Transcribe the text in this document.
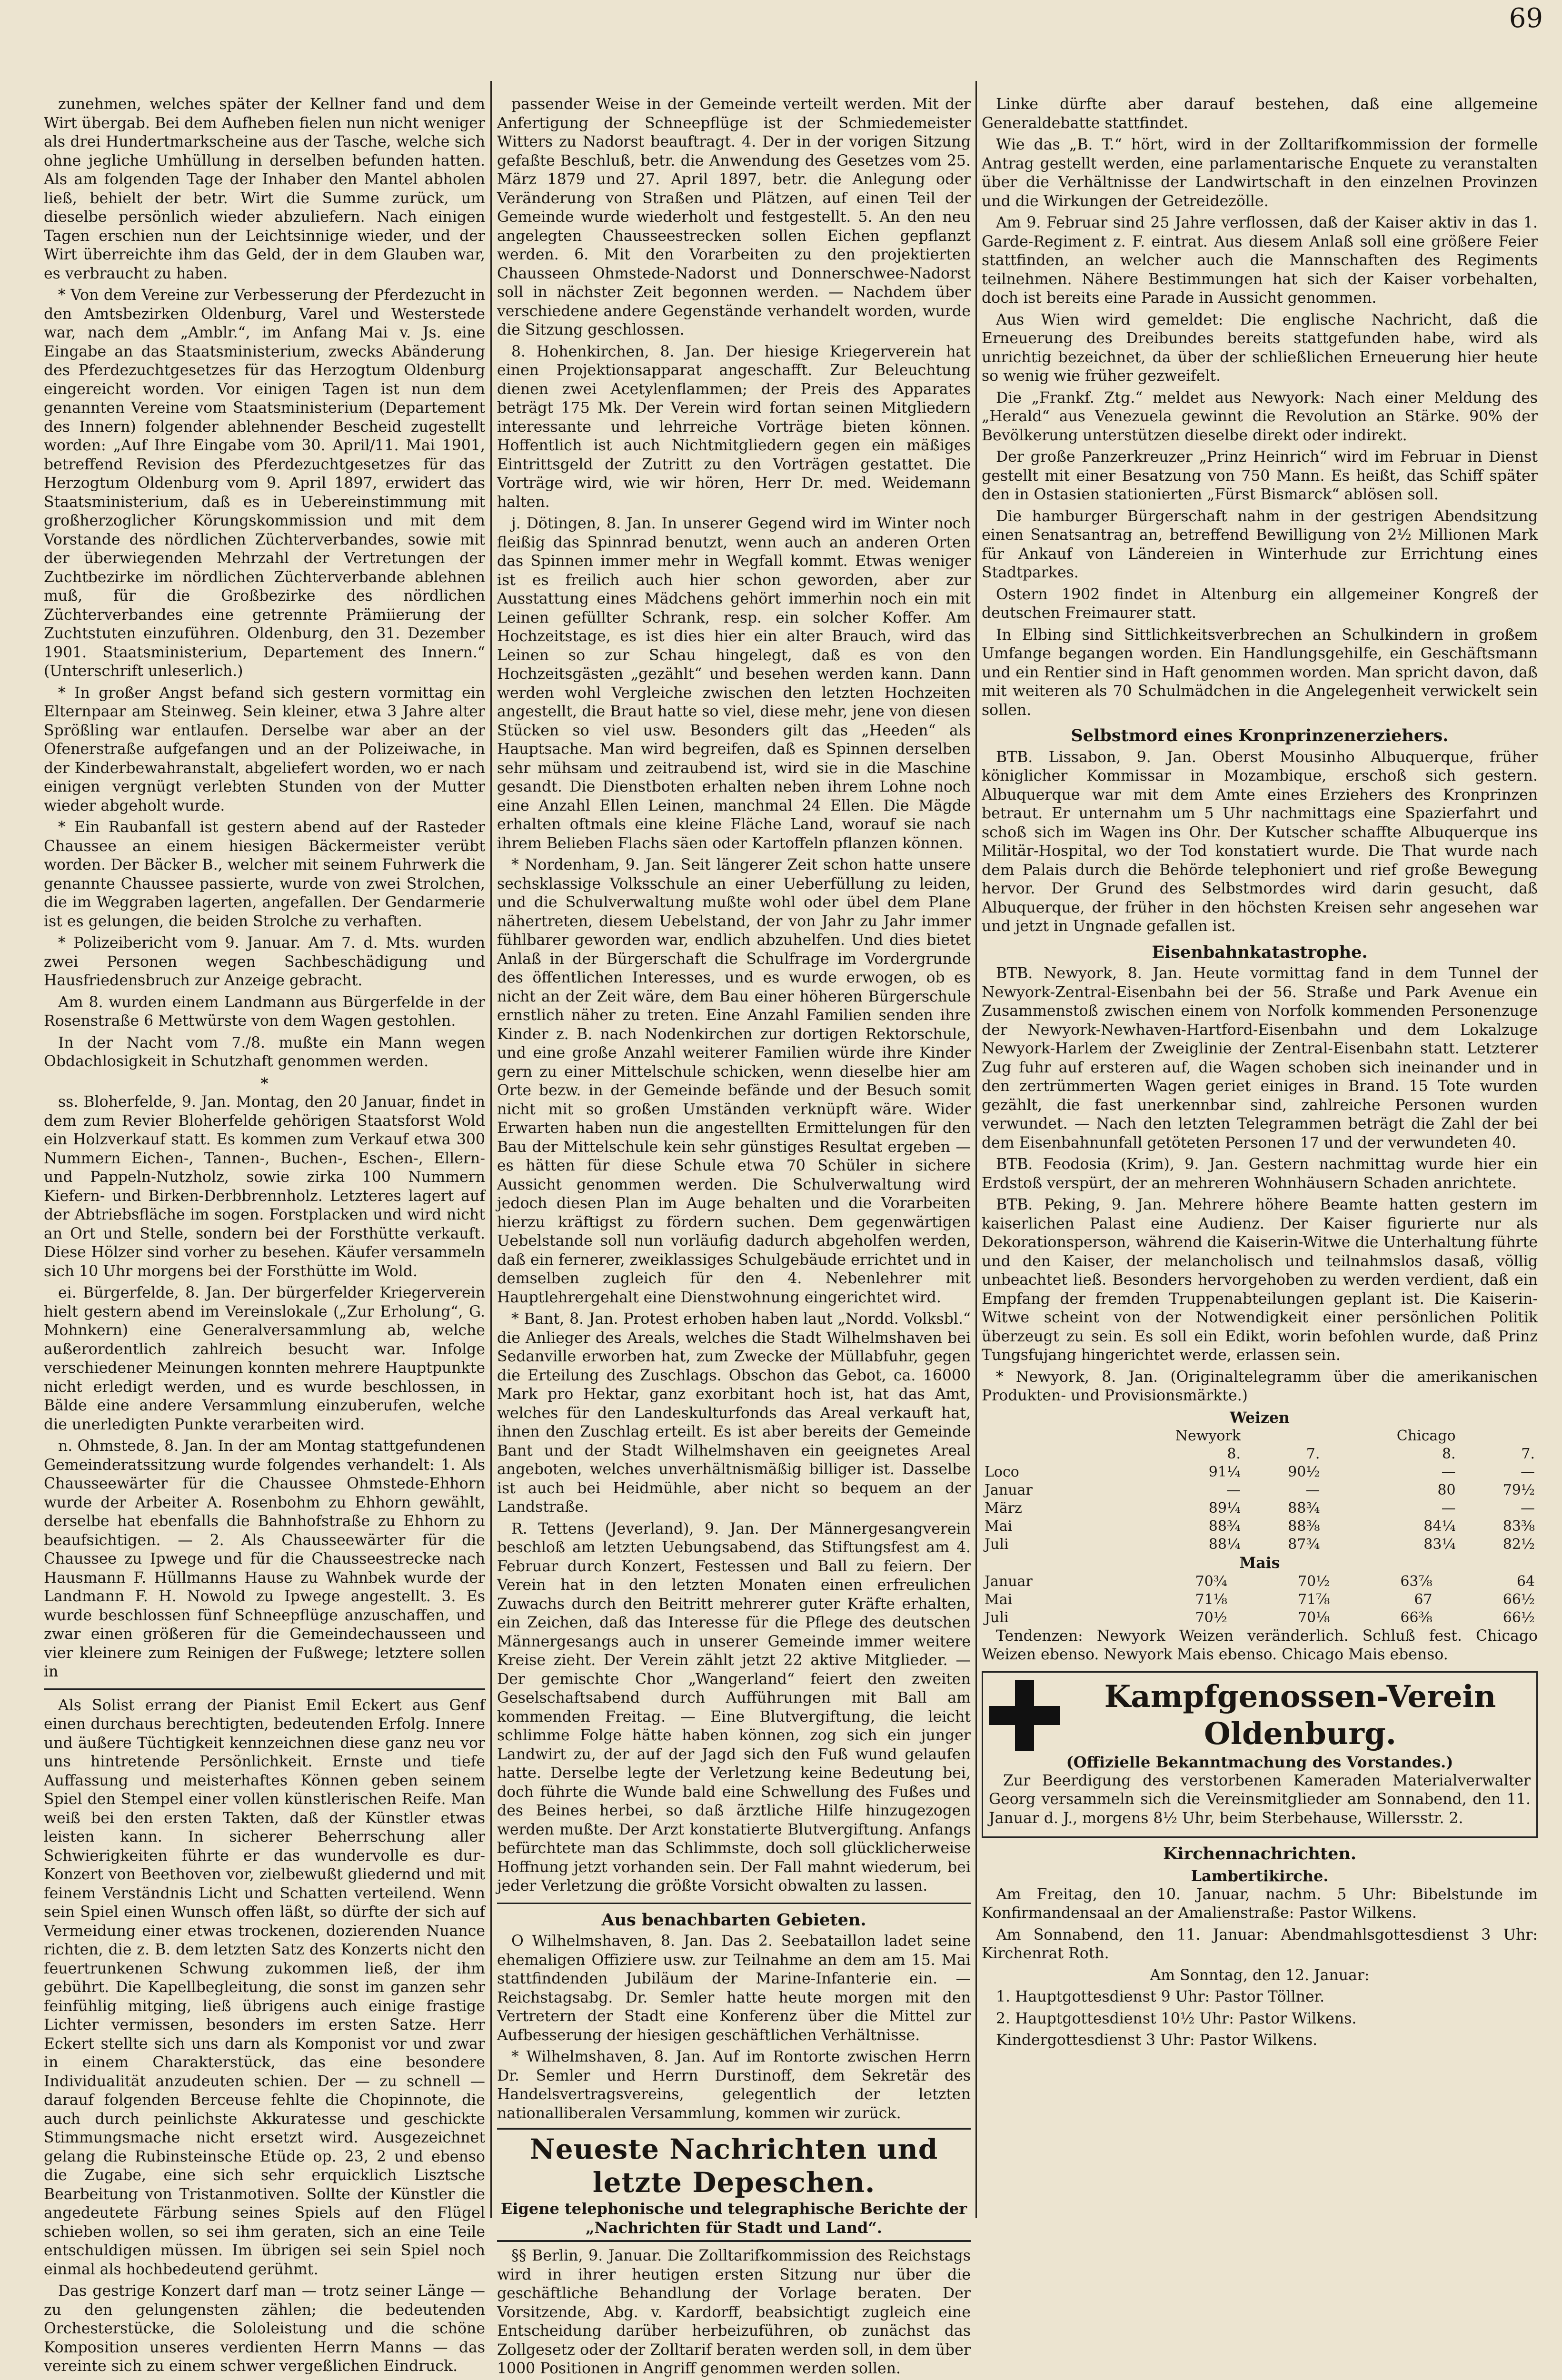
69

zunehmen, welches später der Kellner fand und dem Wirt übergab. Bei dem Aufheben fielen nun nicht weniger als drei Hundertmarkscheine aus der Tasche, welche sich ohne jegliche Umhüllung in derselben befunden hatten. Als am folgenden Tage der Inhaber den Mantel abholen ließ, behielt der betr. Wirt die Summe zurück, um dieselbe persönlich wieder abzuliefern. Nach einigen Tagen erschien nun der Leichtsinnige wieder, und der Wirt überreichte ihm das Geld, der in dem Glauben war, es verbraucht zu haben.

* Von dem Vereine zur Verbesserung der Pferdezucht in den Amtsbezirken Oldenburg, Varel und Westerstede war, nach dem „Amblr.“, im Anfang Mai v. Js. eine Eingabe an das Staatsministerium, zwecks Abänderung des Pferdezuchtgesetzes für das Herzogtum Oldenburg eingereicht worden. Vor einigen Tagen ist nun dem genannten Vereine vom Staatsministerium (Departement des Innern) folgender ablehnender Bescheid zugestellt worden: „Auf Ihre Eingabe vom 30. April/11. Mai 1901, betreffend Revision des Pferdezuchtgesetzes für das Herzogtum Oldenburg vom 9. April 1897, erwidert das Staatsministerium, daß es in Uebereinstimmung mit großherzoglicher Körungskommission und mit dem Vorstande des nördlichen Züchterverbandes, sowie mit der überwiegenden Mehrzahl der Vertretungen der Zuchtbezirke im nördlichen Züchterverbande ablehnen muß, für die Großbezirke des nördlichen Züchterverbandes eine getrennte Prämiierung der Zuchtstuten einzuführen. Oldenburg, den 31. Dezember 1901. Staatsministerium, Departement des Innern.“ (Unterschrift unleserlich.)

* In großer Angst befand sich gestern vormittag ein Elternpaar am Steinweg. Sein kleiner, etwa 3 Jahre alter Sprößling war entlaufen. Derselbe war aber an der Ofenerstraße aufgefangen und an der Polizeiwache, in der Kinderbewahranstalt, abgeliefert worden, wo er nach einigen vergnügt verlebten Stunden von der Mutter wieder abgeholt wurde.

* Ein Raubanfall ist gestern abend auf der Rasteder Chaussee an einem hiesigen Bäckermeister verübt worden. Der Bäcker B., welcher mit seinem Fuhrwerk die genannte Chaussee passierte, wurde von zwei Strolchen, die im Weggraben lagerten, angefallen. Der Gendarmerie ist es gelungen, die beiden Strolche zu verhaften.

* Polizeibericht vom 9. Januar. Am 7. d. Mts. wurden zwei Personen wegen Sachbeschädigung und Hausfriedensbruch zur Anzeige gebracht.

Am 8. wurden einem Landmann aus Bürgerfelde in der Rosenstraße 6 Mettwürste von dem Wagen gestohlen.

In der Nacht vom 7./8. mußte ein Mann wegen Obdachlosigkeit in Schutzhaft genommen werden.

*

ss. Bloherfelde, 9. Jan. Montag, den 20 Januar, findet in dem zum Revier Bloherfelde gehörigen Staatsforst Wold ein Holzverkauf statt. Es kommen zum Verkauf etwa 300 Nummern Eichen-, Tannen-, Buchen-, Eschen-, Ellern- und Pappeln-Nutzholz, sowie zirka 100 Nummern Kiefern- und Birken-Derbbrennholz. Letzteres lagert auf der Abtriebsfläche im sogen. Forstplacken und wird nicht an Ort und Stelle, sondern bei der Forsthütte verkauft. Diese Hölzer sind vorher zu besehen. Käufer versammeln sich 10 Uhr morgens bei der Forsthütte im Wold.

ei. Bürgerfelde, 8. Jan. Der bürgerfelder Kriegerverein hielt gestern abend im Vereinslokale („Zur Erholung“, G. Mohnkern) eine Generalversammlung ab, welche außerordentlich zahlreich besucht war. Infolge verschiedener Meinungen konnten mehrere Hauptpunkte nicht erledigt werden, und es wurde beschlossen, in Bälde eine andere Versammlung einzuberufen, welche die unerledigten Punkte verarbeiten wird.

n. Ohmstede, 8. Jan. In der am Montag stattgefundenen Gemeinderatssitzung wurde folgendes verhandelt: 1. Als Chausseewärter für die Chaussee Ohmstede-Ehhorn wurde der Arbeiter A. Rosenbohm zu Ehhorn gewählt, derselbe hat ebenfalls die Bahnhofstraße zu Ehhorn zu beaufsichtigen. — 2. Als Chausseewärter für die Chaussee zu Ipwege und für die Chausseestrecke nach Hausmann F. Hüllmanns Hause zu Wahnbek wurde der Landmann F. H. Nowold zu Ipwege angestellt. 3. Es wurde beschlossen fünf Schneepflüge anzuschaffen, und zwar einen größeren für die Gemeindechausseen und vier kleinere zum Reinigen der Fußwege; letztere sollen in

Als Solist errang der Pianist Emil Eckert aus Genf einen durchaus berechtigten, bedeutenden Erfolg. Innere und äußere Tüchtigkeit kennzeichnen diese ganz neu vor uns hintretende Persönlichkeit. Ernste und tiefe Auffassung und meisterhaftes Können geben seinem Spiel den Stempel einer vollen künstlerischen Reife. Man weiß bei den ersten Takten, daß der Künstler etwas leisten kann. In sicherer Beherrschung aller Schwierigkeiten führte er das wundervolle es dur-Konzert von Beethoven vor, zielbewußt gliedernd und mit feinem Verständnis Licht und Schatten verteilend. Wenn sein Spiel einen Wunsch offen läßt, so dürfte der sich auf Vermeidung einer etwas trockenen, dozierenden Nuance richten, die z. B. dem letzten Satz des Konzerts nicht den feuertrunkenen Schwung zukommen ließ, der ihm gebührt. Die Kapellbegleitung, die sonst im ganzen sehr feinfühlig mitging, ließ übrigens auch einige frastige Lichter vermissen, besonders im ersten Satze. Herr Eckert stellte sich uns darn als Komponist vor und zwar in einem Charakterstück, das eine besondere Individualität anzudeuten schien. Der — zu schnell — darauf folgenden Berceuse fehlte die Chopinnote, die auch durch peinlichste Akkuratesse und geschickte Stimmungsmache nicht ersetzt wird. Ausgezeichnet gelang die Rubinsteinsche Etüde op. 23, 2 und ebenso die Zugabe, eine sich sehr erquicklich Lisztsche Bearbeitung von Tristanmotiven. Sollte der Künstler die angedeutete Färbung seines Spiels auf den Flügel schieben wollen, so sei ihm geraten, sich an eine Teile entschuldigen müssen. Im übrigen sei sein Spiel noch einmal als hochbedeutend gerühmt.

Das gestrige Konzert darf man — trotz seiner Länge — zu den gelungensten zählen; die bedeutenden Orchesterstücke, die Sololeistung und die schöne Komposition unseres verdienten Herrn Manns — das vereinte sich zu einem schwer vergeßlichen Eindruck.

passender Weise in der Gemeinde verteilt werden. Mit der Anfertigung der Schneepflüge ist der Schmiedemeister Witters zu Nadorst beauftragt. 4. Der in der vorigen Sitzung gefaßte Beschluß, betr. die Anwendung des Gesetzes vom 25. März 1879 und 27. April 1897, betr. die Anlegung oder Veränderung von Straßen und Plätzen, auf einen Teil der Gemeinde wurde wiederholt und festgestellt. 5. An den neu angelegten Chausseestrecken sollen Eichen gepflanzt werden. 6. Mit den Vorarbeiten zu den projektierten Chausseen Ohmstede-Nadorst und Donnerschwee-Nadorst soll in nächster Zeit begonnen werden. — Nachdem über verschiedene andere Gegenstände verhandelt worden, wurde die Sitzung geschlossen.

8. Hohenkirchen, 8. Jan. Der hiesige Kriegerverein hat einen Projektionsapparat angeschafft. Zur Beleuchtung dienen zwei Acetylenflammen; der Preis des Apparates beträgt 175 Mk. Der Verein wird fortan seinen Mitgliedern interessante und lehrreiche Vorträge bieten können. Hoffentlich ist auch Nichtmitgliedern gegen ein mäßiges Eintrittsgeld der Zutritt zu den Vorträgen gestattet. Die Vorträge wird, wie wir hören, Herr Dr. med. Weidemann halten.

j. Dötingen, 8. Jan. In unserer Gegend wird im Winter noch fleißig das Spinnrad benutzt, wenn auch an anderen Orten das Spinnen immer mehr in Wegfall kommt. Etwas weniger ist es freilich auch hier schon geworden, aber zur Ausstattung eines Mädchens gehört immerhin noch ein mit Leinen gefüllter Schrank, resp. ein solcher Koffer. Am Hochzeitstage, es ist dies hier ein alter Brauch, wird das Leinen so zur Schau hingelegt, daß es von den Hochzeitsgästen „gezählt“ und besehen werden kann. Dann werden wohl Vergleiche zwischen den letzten Hochzeiten angestellt, die Braut hatte so viel, diese mehr, jene von diesen Stücken so viel usw. Besonders gilt das „Heeden“ als Hauptsache. Man wird begreifen, daß es Spinnen derselben sehr mühsam und zeitraubend ist, wird sie in die Maschine gesandt. Die Dienstboten erhalten neben ihrem Lohne noch eine Anzahl Ellen Leinen, manchmal 24 Ellen. Die Mägde erhalten oftmals eine kleine Fläche Land, worauf sie nach ihrem Belieben Flachs säen oder Kartoffeln pflanzen können.

* Nordenham, 9. Jan. Seit längerer Zeit schon hatte unsere sechsklassige Volksschule an einer Ueberfüllung zu leiden, und die Schulverwaltung mußte wohl oder übel dem Plane nähertreten, diesem Uebelstand, der von Jahr zu Jahr immer fühlbarer geworden war, endlich abzuhelfen. Und dies bietet Anlaß in der Bürgerschaft die Schulfrage im Vordergrunde des öffentlichen Interesses, und es wurde erwogen, ob es nicht an der Zeit wäre, dem Bau einer höheren Bürgerschule ernstlich näher zu treten. Eine Anzahl Familien senden ihre Kinder z. B. nach Nodenkirchen zur dortigen Rektorschule, und eine große Anzahl weiterer Familien würde ihre Kinder gern zu einer Mittelschule schicken, wenn dieselbe hier am Orte bezw. in der Gemeinde befände und der Besuch somit nicht mit so großen Umständen verknüpft wäre. Wider Erwarten haben nun die angestellten Ermittelungen für den Bau der Mittelschule kein sehr günstiges Resultat ergeben — es hätten für diese Schule etwa 70 Schüler in sichere Aussicht genommen werden. Die Schulverwaltung wird jedoch diesen Plan im Auge behalten und die Vorarbeiten hierzu kräftigst zu fördern suchen. Dem gegenwärtigen Uebelstande soll nun vorläufig dadurch abgeholfen werden, daß ein fernerer, zweiklassiges Schulgebäude errichtet und in demselben zugleich für den 4. Nebenlehrer mit Hauptlehrergehalt eine Dienstwohnung eingerichtet wird.

* Bant, 8. Jan. Protest erhoben haben laut „Nordd. Volksbl.“ die Anlieger des Areals, welches die Stadt Wilhelmshaven bei Sedanville erworben hat, zum Zwecke der Müllabfuhr, gegen die Erteilung des Zuschlags. Obschon das Gebot, ca. 16000 Mark pro Hektar, ganz exorbitant hoch ist, hat das Amt, welches für den Landeskulturfonds das Areal verkauft hat, ihnen den Zuschlag erteilt. Es ist aber bereits der Gemeinde Bant und der Stadt Wilhelmshaven ein geeignetes Areal angeboten, welches unverhältnismäßig billiger ist. Dasselbe ist auch bei Heidmühle, aber nicht so bequem an der Landstraße.

R. Tettens (Jeverland), 9. Jan. Der Männergesangverein beschloß am letzten Uebungsabend, das Stiftungsfest am 4. Februar durch Konzert, Festessen und Ball zu feiern. Der Verein hat in den letzten Monaten einen erfreulichen Zuwachs durch den Beitritt mehrerer guter Kräfte erhalten, ein Zeichen, daß das Interesse für die Pflege des deutschen Männergesangs auch in unserer Gemeinde immer weitere Kreise zieht. Der Verein zählt jetzt 22 aktive Mitglieder. — Der gemischte Chor „Wangerland“ feiert den zweiten Geselschaftsabend durch Aufführungen mit Ball am kommenden Freitag. — Eine Blutvergiftung, die leicht schlimme Folge hätte haben können, zog sich ein junger Landwirt zu, der auf der Jagd sich den Fuß wund gelaufen hatte. Derselbe legte der Verletzung keine Bedeutung bei, doch führte die Wunde bald eine Schwellung des Fußes und des Beines herbei, so daß ärztliche Hilfe hinzugezogen werden mußte. Der Arzt konstatierte Blutvergiftung. Anfangs befürchtete man das Schlimmste, doch soll glücklicherweise Hoffnung jetzt vorhanden sein. Der Fall mahnt wiederum, bei jeder Verletzung die größte Vorsicht obwalten zu lassen.

Aus benachbarten Gebieten.

O Wilhelmshaven, 8. Jan. Das 2. Seebataillon ladet seine ehemaligen Offiziere usw. zur Teilnahme an dem am 15. Mai stattfindenden Jubiläum der Marine-Infanterie ein. — Reichstagsabg. Dr. Semler hatte heute morgen mit den Vertretern der Stadt eine Konferenz über die Mittel zur Aufbesserung der hiesigen geschäftlichen Verhältnisse.

* Wilhelmshaven, 8. Jan. Auf im Rontorte zwischen Herrn Dr. Semler und Herrn Durstinoff, dem Sekretär des Handelsvertragsvereins, gelegentlich der letzten nationalliberalen Versammlung, kommen wir zurück.

Neueste Nachrichten und letzte Depeschen.
Eigene telephonische und telegraphische Berichte der „Nachrichten für Stadt und Land“.

§§ Berlin, 9. Januar. Die Zolltarifkommission des Reichstags wird in ihrer heutigen ersten Sitzung nur über die geschäftliche Behandlung der Vorlage beraten. Der Vorsitzende, Abg. v. Kardorff, beabsichtigt zugleich eine Entscheidung darüber herbeizuführen, ob zunächst das Zollgesetz oder der Zolltarif beraten werden soll, in dem über 1000 Positionen in Angriff genommen werden sollen.

Linke dürfte aber darauf bestehen, daß eine allgemeine Generaldebatte stattfindet.

Wie das „B. T.“ hört, wird in der Zolltarifkommission der formelle Antrag gestellt werden, eine parlamentarische Enquete zu veranstalten über die Verhältnisse der Landwirtschaft in den einzelnen Provinzen und die Wirkungen der Getreidezölle.

Am 9. Februar sind 25 Jahre verflossen, daß der Kaiser aktiv in das 1. Garde-Regiment z. F. eintrat. Aus diesem Anlaß soll eine größere Feier stattfinden, an welcher auch die Mannschaften des Regiments teilnehmen. Nähere Bestimmungen hat sich der Kaiser vorbehalten, doch ist bereits eine Parade in Aussicht genommen.

Aus Wien wird gemeldet: Die englische Nachricht, daß die Erneuerung des Dreibundes bereits stattgefunden habe, wird als unrichtig bezeichnet, da über der schließlichen Erneuerung hier heute so wenig wie früher gezweifelt.

Die „Frankf. Ztg.“ meldet aus Newyork: Nach einer Meldung des „Herald“ aus Venezuela gewinnt die Revolution an Stärke. 90% der Bevölkerung unterstützen dieselbe direkt oder indirekt.

Der große Panzerkreuzer „Prinz Heinrich“ wird im Februar in Dienst gestellt mit einer Besatzung von 750 Mann. Es heißt, das Schiff später den in Ostasien stationierten „Fürst Bismarck“ ablösen soll.

Die hamburger Bürgerschaft nahm in der gestrigen Abendsitzung einen Senatsantrag an, betreffend Bewilligung von 2½ Millionen Mark für Ankauf von Ländereien in Winterhude zur Errichtung eines Stadtparkes.

Ostern 1902 findet in Altenburg ein allgemeiner Kongreß der deutschen Freimaurer statt.

In Elbing sind Sittlichkeitsverbrechen an Schulkindern in großem Umfange begangen worden. Ein Handlungsgehilfe, ein Geschäftsmann und ein Rentier sind in Haft genommen worden. Man spricht davon, daß mit weiteren als 70 Schulmädchen in die Angelegenheit verwickelt sein sollen.

Selbstmord eines Kronprinzenerziehers.

BTB. Lissabon, 9. Jan. Oberst Mousinho Albuquerque, früher königlicher Kommissar in Mozambique, erschoß sich gestern. Albuquerque war mit dem Amte eines Erziehers des Kronprinzen betraut. Er unternahm um 5 Uhr nachmittags eine Spazierfahrt und schoß sich im Wagen ins Ohr. Der Kutscher schaffte Albuquerque ins Militär-Hospital, wo der Tod konstatiert wurde. Die That wurde nach dem Palais durch die Behörde telephoniert und rief große Bewegung hervor. Der Grund des Selbstmordes wird darin gesucht, daß Albuquerque, der früher in den höchsten Kreisen sehr angesehen war und jetzt in Ungnade gefallen ist.

Eisenbahnkatastrophe.

BTB. Newyork, 8. Jan. Heute vormittag fand in dem Tunnel der Newyork-Zentral-Eisenbahn bei der 56. Straße und Park Avenue ein Zusammenstoß zwischen einem von Norfolk kommenden Personenzuge der Newyork-Newhaven-Hartford-Eisenbahn und dem Lokalzuge Newyork-Harlem der Zweiglinie der Zentral-Eisenbahn statt. Letzterer Zug fuhr auf ersteren auf, die Wagen schoben sich ineinander und in den zertrümmerten Wagen geriet einiges in Brand. 15 Tote wurden gezählt, die fast unerkennbar sind, zahlreiche Personen wurden verwundet. — Nach den letzten Telegrammen beträgt die Zahl der bei dem Eisenbahnunfall getöteten Personen 17 und der verwundeten 40.

BTB. Feodosia (Krim), 9. Jan. Gestern nachmittag wurde hier ein Erdstoß verspürt, der an mehreren Wohnhäusern Schaden anrichtete.

BTB. Peking, 9. Jan. Mehrere höhere Beamte hatten gestern im kaiserlichen Palast eine Audienz. Der Kaiser figurierte nur als Dekorationsperson, während die Kaiserin-Witwe die Unterhaltung führte und den Kaiser, der melancholisch und teilnahmslos dasaß, völlig unbeachtet ließ. Besonders hervorgehoben zu werden verdient, daß ein Empfang der fremden Truppenabteilungen geplant ist. Die Kaiserin-Witwe scheint von der Notwendigkeit einer persönlichen Politik überzeugt zu sein. Es soll ein Edikt, worin befohlen wurde, daß Prinz Tungsfujang hingerichtet werde, erlassen sein.

* Newyork, 8. Jan. (Originaltelegramm über die amerikanischen Produkten- und Provisionsmärkte.)

Weizen
	Newyork		Chicago	
	8.	7.	8.	7.
Loco	91¼	90½	—	—
Januar	—	—	80	79½
März	89¼	88¾	—	—
Mai	88¾	88⅜	84¼	83⅜
Juli	88¼	87¾	83¼	82½
Mais
Januar	70¾	70½	63⅞	64
Mai	71⅛	71⅞	67	66½
Juli	70½	70⅛	66⅜	66½

Tendenzen: Newyork Weizen veränderlich. Schluß fest. Chicago Weizen ebenso. Newyork Mais ebenso. Chicago Mais ebenso.

Kampfgenossen-Verein Oldenburg.
(Offizielle Bekanntmachung des Vorstandes.)

Zur Beerdigung des verstorbenen Kameraden Materialverwalter Georg versammeln sich die Vereinsmitglieder am Sonnabend, den 11. Januar d. J., morgens 8½ Uhr, beim Sterbehause, Willersstr. 2.

Kirchennachrichten.
Lambertikirche.

Am Freitag, den 10. Januar, nachm. 5 Uhr: Bibelstunde im Konfirmandensaal an der Amalienstraße: Pastor Wilkens.

Am Sonnabend, den 11. Januar: Abendmahlsgottesdienst 3 Uhr: Kirchenrat Roth.

Am Sonntag, den 12. Januar:

1. Hauptgottesdienst 9 Uhr: Pastor Töllner.

2. Hauptgottesdienst 10½ Uhr: Pastor Wilkens.

Kindergottesdienst 3 Uhr: Pastor Wilkens.
